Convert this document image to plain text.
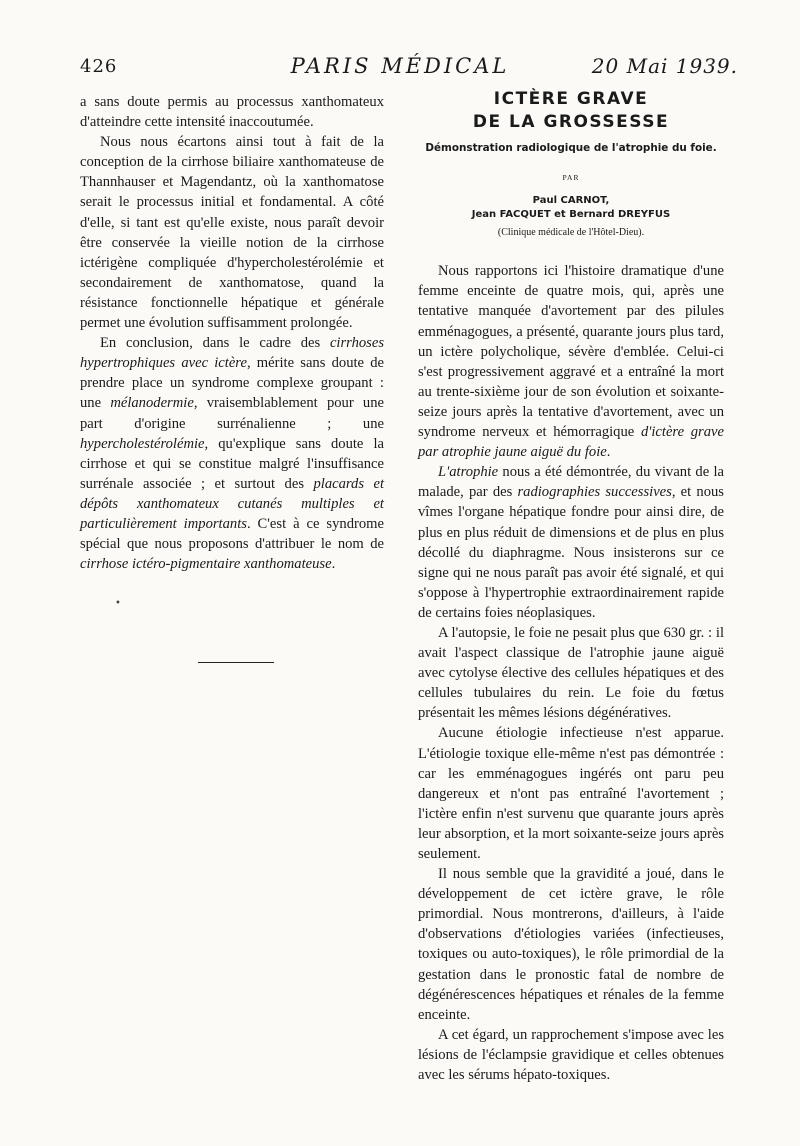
426	PARIS MÉDICAL	20 Mai 1939.

a sans doute permis au processus xanthomateux d'atteindre cette intensité inaccoutumée.

Nous nous écartons ainsi tout à fait de la conception de la cirrhose biliaire xanthomateuse de Thannhauser et Magendantz, où la xanthomatose serait le processus initial et fondamental. A côté d'elle, si tant est qu'elle existe, nous paraît devoir être conservée la vieille notion de la cirrhose ictérigène compliquée d'hypercholestérolémie et secondairement de xanthomatose, quand la résistance fonctionnelle hépatique et générale permet une évolution suffisamment prolongée.

En conclusion, dans le cadre des cirrhoses hypertrophiques avec ictère, mérite sans doute de prendre place un syndrome complexe groupant : une mélanodermie, vraisemblablement pour une part d'origine surrénalienne ; une hypercholestérolémie, qu'explique sans doute la cirrhose et qui se constitue malgré l'insuffisance surrénale associée ; et surtout des placards et dépôts xanthomateux cutanés multiples et particulièrement importants. C'est à ce syndrome spécial que nous proposons d'attribuer le nom de cirrhose ictéro-pigmentaire xanthomateuse.

•
ICTÈRE GRAVE
DE LA GROSSESSE
Démonstration radiologique de l'atrophie du foie.
PAR
Paul CARNOT,
Jean FACQUET et Bernard DREYFUS
(Clinique médicale de l'Hôtel-Dieu).

Nous rapportons ici l'histoire dramatique d'une femme enceinte de quatre mois, qui, après une tentative manquée d'avortement par des pilules emménagogues, a présenté, quarante jours plus tard, un ictère polycholique, sévère d'emblée. Celui-ci s'est progressivement aggravé et a entraîné la mort au trente-sixième jour de son évolution et soixante-seize jours après la tentative d'avortement, avec un syndrome nerveux et hémorragique d'ictère grave par atrophie jaune aiguë du foie.

L'atrophie nous a été démontrée, du vivant de la malade, par des radiographies successives, et nous vîmes l'organe hépatique fondre pour ainsi dire, de plus en plus réduit de dimensions et de plus en plus décollé du diaphragme. Nous insisterons sur ce signe qui ne nous paraît pas avoir été signalé, et qui s'oppose à l'hypertrophie extraordinairement rapide de certains foies néoplasiques.

A l'autopsie, le foie ne pesait plus que 630 gr. : il avait l'aspect classique de l'atrophie jaune aiguë avec cytolyse élective des cellules hépatiques et des cellules tubulaires du rein. Le foie du fœtus présentait les mêmes lésions dégénératives.

Aucune étiologie infectieuse n'est apparue. L'étiologie toxique elle-même n'est pas démontrée : car les emménagogues ingérés ont paru peu dangereux et n'ont pas entraîné l'avortement ; l'ictère enfin n'est survenu que quarante jours après leur absorption, et la mort soixante-seize jours après seulement.

Il nous semble que la gravidité a joué, dans le développement de cet ictère grave, le rôle primordial. Nous montrerons, d'ailleurs, à l'aide d'observations d'étiologies variées (infectieuses, toxiques ou auto-toxiques), le rôle primordial de la gestation dans le pronostic fatal de nombre de dégénérescences hépatiques et rénales de la femme enceinte.

A cet égard, un rapprochement s'impose avec les lésions de l'éclampsie gravidique et celles obtenues avec les sérums hépato-toxiques.
